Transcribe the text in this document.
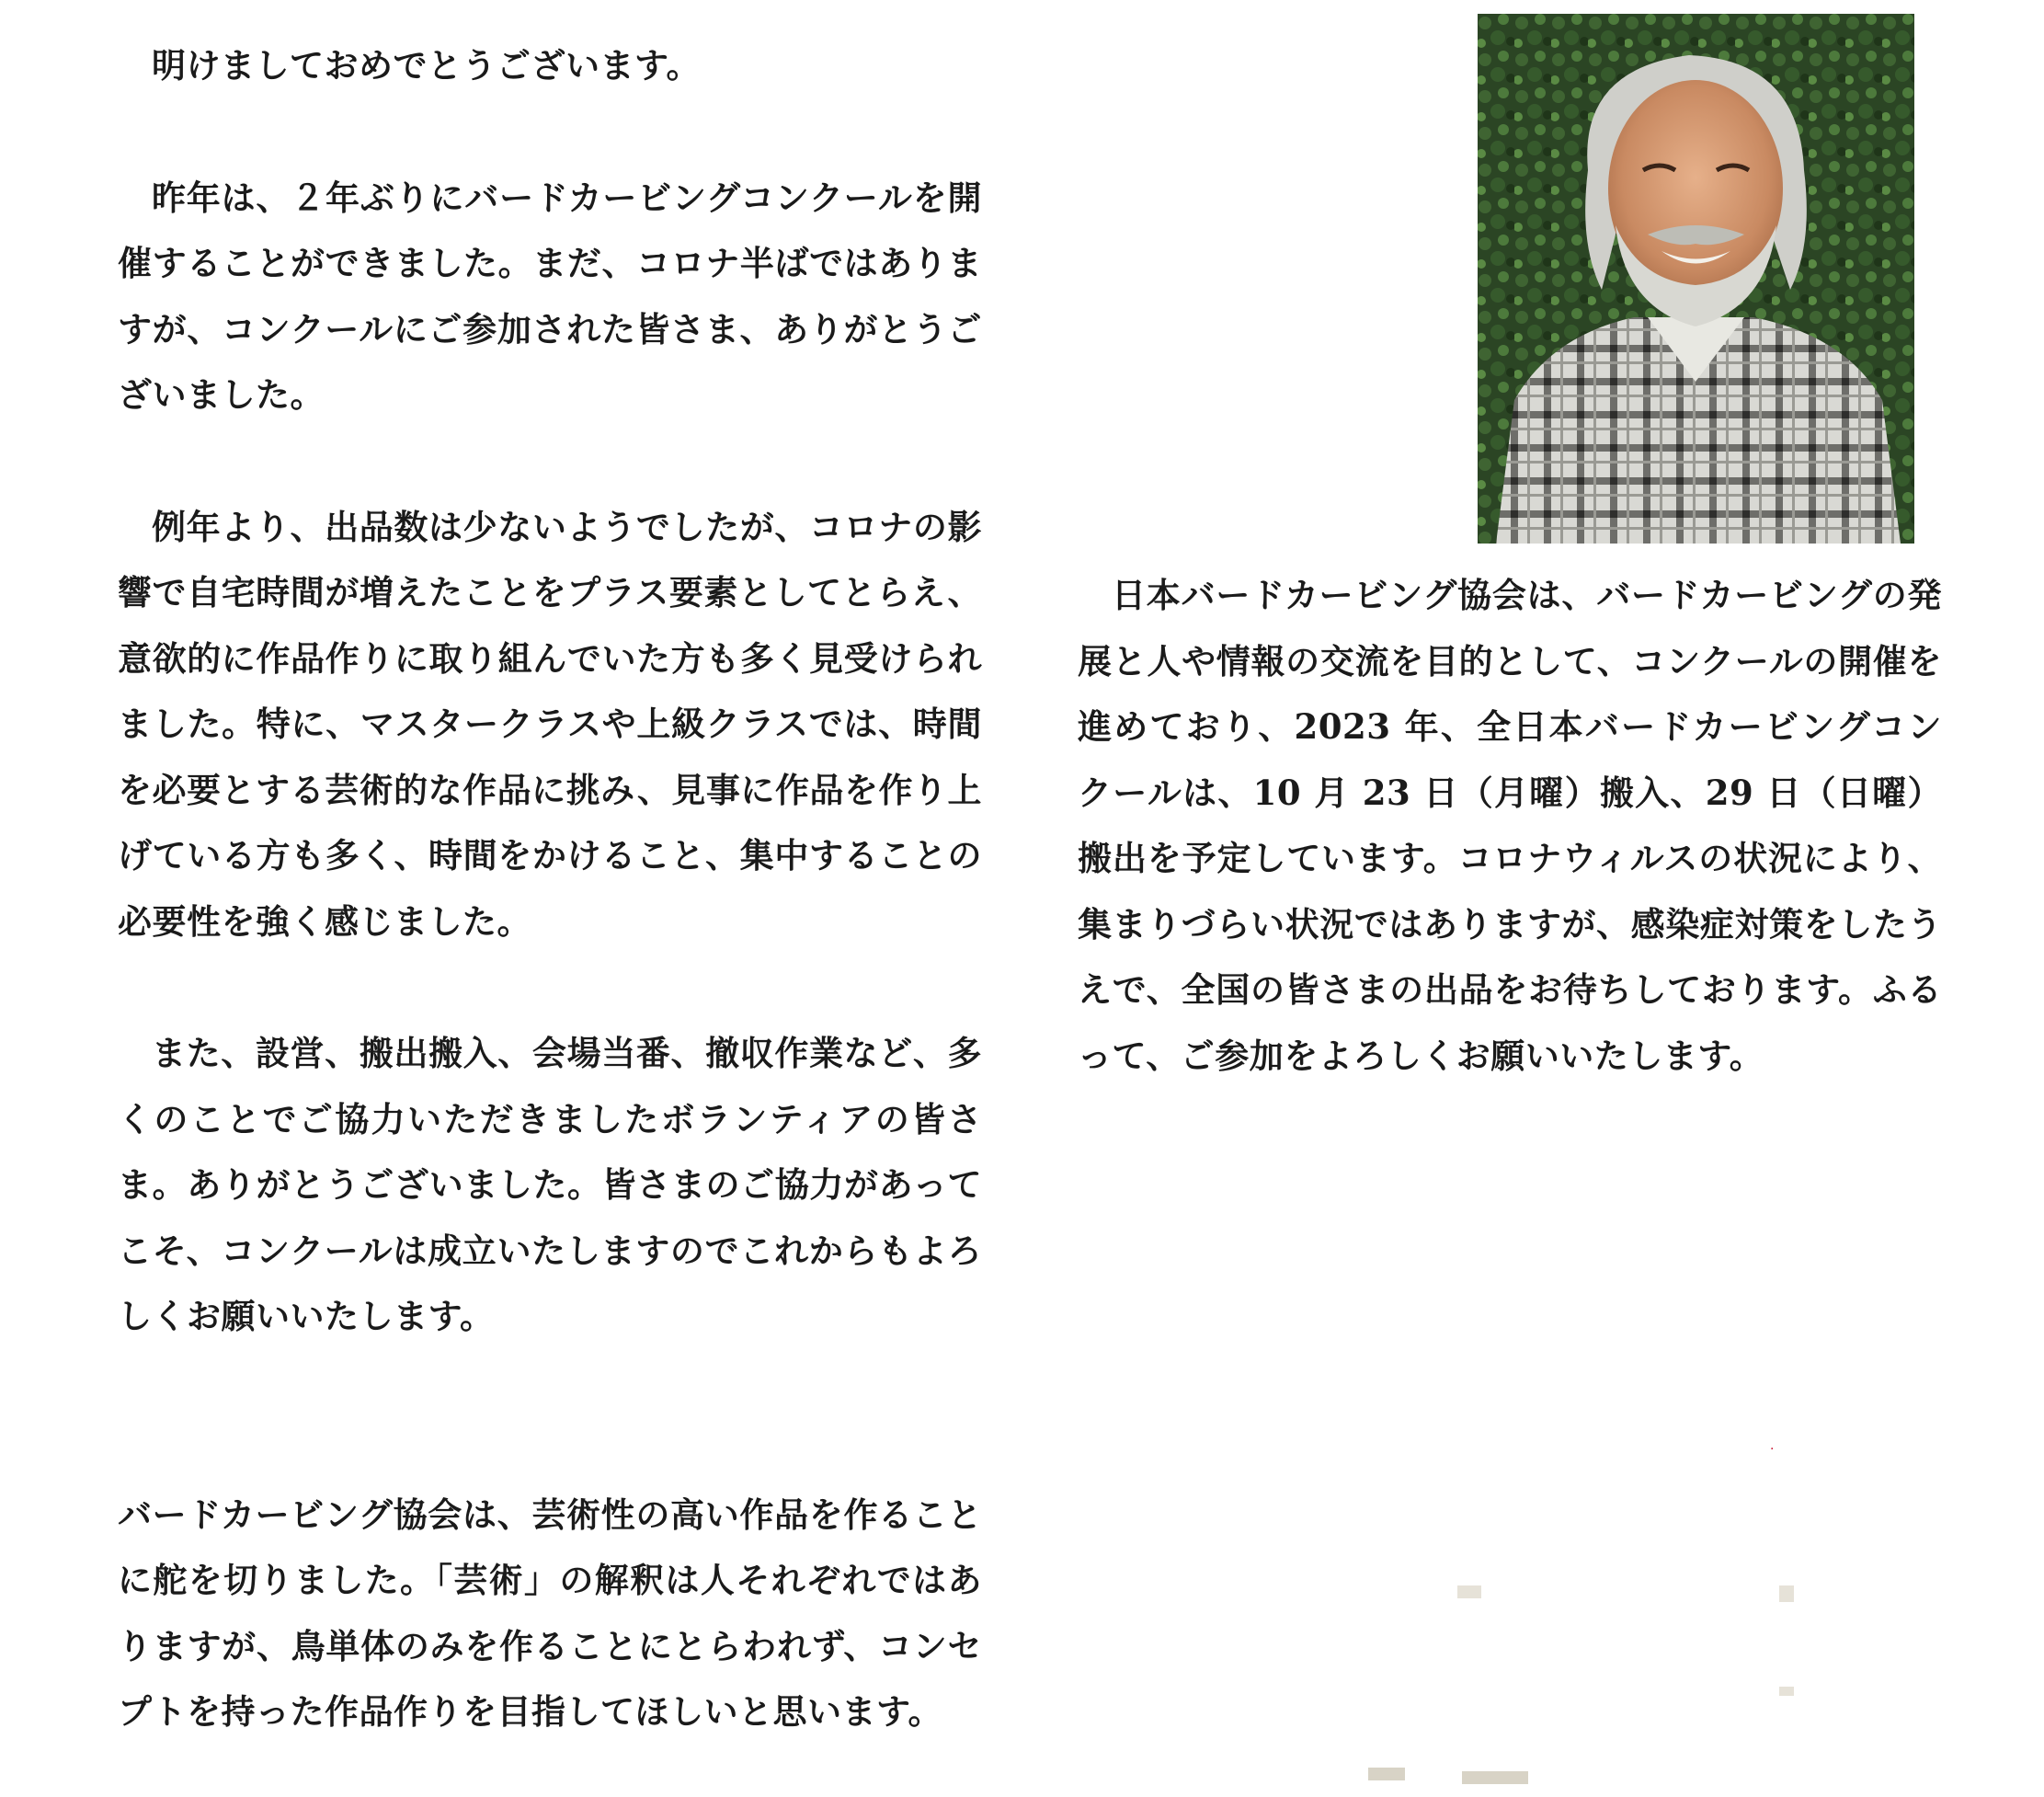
明けましておめでとうございます。

昨年は、２年ぶりにバードカービングコンクールを開催することができました。まだ、コロナ半ばではありますが、コンクールにご参加された皆さま、ありがとうございました。

例年より、出品数は少ないようでしたが、コロナの影響で自宅時間が増えたことをプラス要素としてとらえ、意欲的に作品作りに取り組んでいた方も多く見受けられました。特に、マスタークラスや上級クラスでは、時間を必要とする芸術的な作品に挑み、見事に作品を作り上げている方も多く、時間をかけること、集中することの必要性を強く感じました。

また、設営、搬出搬入、会場当番、撤収作業など、多くのことでご協力いただきましたボランティアの皆さま。ありがとうございました。皆さまのご協力があってこそ、コンクールは成立いたしますのでこれからもよろしくお願いいたします。

バードカービング協会は、芸術性の高い作品を作ることに舵を切りました。「芸術」の解釈は人それぞれではありますが、鳥単体のみを作ることにとらわれず、コンセプトを持った作品作りを目指してほしいと思います。

日本バードカービング協会は、バードカービングの発展と人や情報の交流を目的として、コンクールの開催を進めており、2023 年、全日本バードカービングコンクールは、10 月 23 日（月曜）搬入、29 日（日曜）搬出を予定しています。コロナウィルスの状況により、集まりづらい状況ではありますが、感染症対策をしたうえで、全国の皆さまの出品をお待ちしております。ふるって、ご参加をよろしくお願いいたします。

·
